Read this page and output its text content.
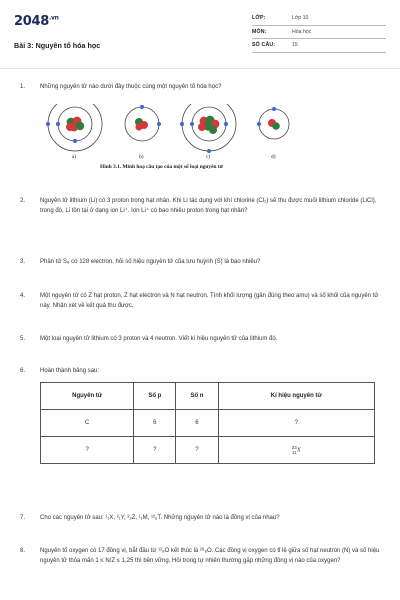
$2048^{.vn}$
Bài 3: Nguyên tố hóa học
LỚP:	Lớp 10
MÔN:	Hóa học
SỐ CÂU:	15
1.	Những nguyên tử nào dưới đây thuộc cùng một nguyên tố hóa học?
a)	b)	c)	d)
Hình 3.1. Minh hoạ cấu tạo của một số loại nguyên tử
2.	Nguyên tử lithium (Li) có 3 proton trong hạt nhân. Khi Li tác dụng với khí chlorine (Cl₂) sẽ thu được muối lithium chloride (LiCl), trong đó, Li tồn tại ở dạng ion Li⁺. Ion Li⁺ có bao nhiêu proton trong hạt nhân?
3.	Phân tử S₈ có 128 electron, hỏi số hiệu nguyên tử của lưu huỳnh (S) là bao nhiêu?
4.	Một nguyên tử có Z hạt proton, Z hạt electron và N hạt neutron. Tính khối lượng (gần đúng theo amu) và số khối của nguyên tử này. Nhận xét về kết quả thu được.
5.	Một loại nguyên tử lithium có 3 proton và 4 neutron. Viết kí hiệu nguyên tử của lithium đó.
6.	Hoàn thành bảng sau:
Nguyên tử	Số p	Số n	Kí hiệu nguyên tử
C	6	6	?
?	?	?	23
11 X
7.	Cho các nguyên tử sau: ¹₁X, ²₁Y, ²₂Z, ¹₁M, ¹²₆T. Những nguyên tử nào là đồng vị của nhau?
8.	Nguyên tố oxygen có 17 đồng vị, bắt đầu từ ¹²₈O kết thúc là ²⁸₈O. Các đồng vị oxygen có tỉ lệ giữa số hạt neutron (N) và số hiệu nguyên tử thỏa mãn 1 ≤ N/Z ≤ 1,25 thì bền vững. Hỏi trong tự nhiên thường gặp những đồng vị nào của oxygen?
